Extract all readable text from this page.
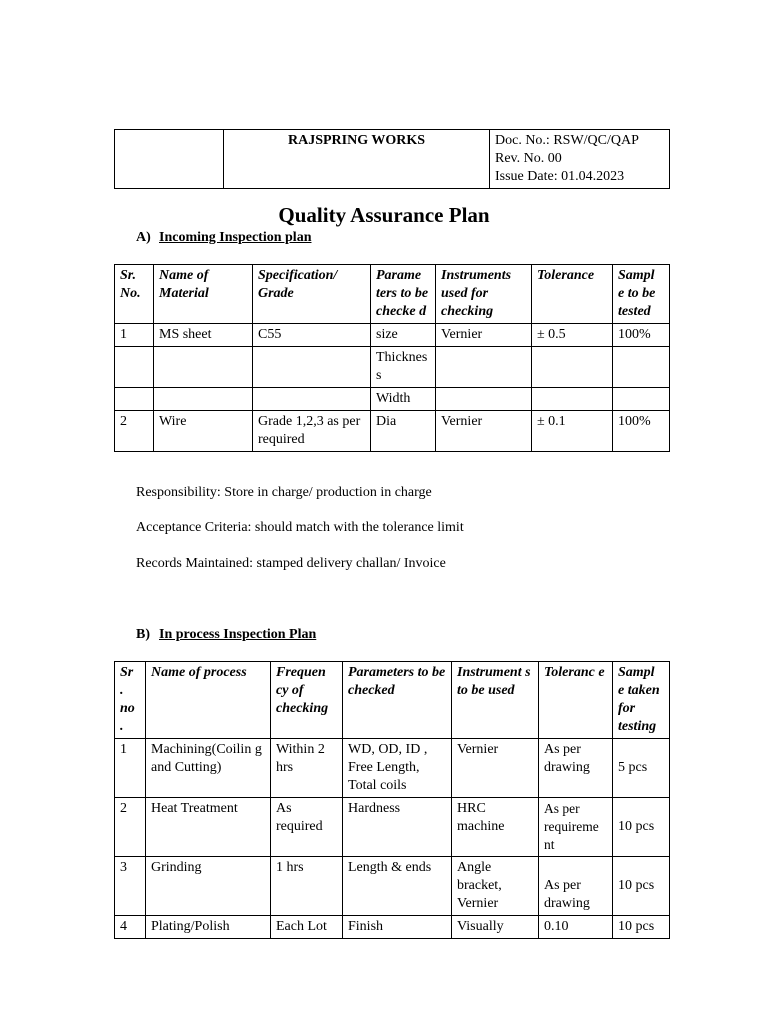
	RAJSPRING WORKS	Doc. No.: RSW/QC/QAP
Rev. No. 00
Issue Date: 01.04.2023
Quality Assurance Plan
A) Incoming Inspection plan
Sr. No.	Name of Material	Specification/ Grade	Parame ters to be checke d	Instruments used for checking	Tolerance	Sampl e to be tested
1	MS sheet	C55	size	Vernier	± 0.5	100%
			Thicknes s			
			Width			
2	Wire	Grade 1,2,3 as per required	Dia	Vernier	± 0.1	100%
Responsibility: Store in charge/ production in charge
Acceptance Criteria: should match with the tolerance limit
Records Maintained: stamped delivery challan/ Invoice
B) In process Inspection Plan
Sr . no .	Name of process	Frequen cy of checking	Parameters to be checked	Instrument s to be used	Toleranc e	Sampl e taken for testing
1	Machining(Coilin g and Cutting)	Within 2 hrs	WD, OD, ID , Free Length, Total coils	Vernier	As per drawing	5 pcs
2	Heat Treatment	As required	Hardness	HRC machine	As per requireme nt	10 pcs
3	Grinding	1 hrs	Length & ends	Angle bracket, Vernier	As per drawing	10 pcs
4	Plating/Polish	Each Lot	Finish	Visually	0.10	10 pcs
